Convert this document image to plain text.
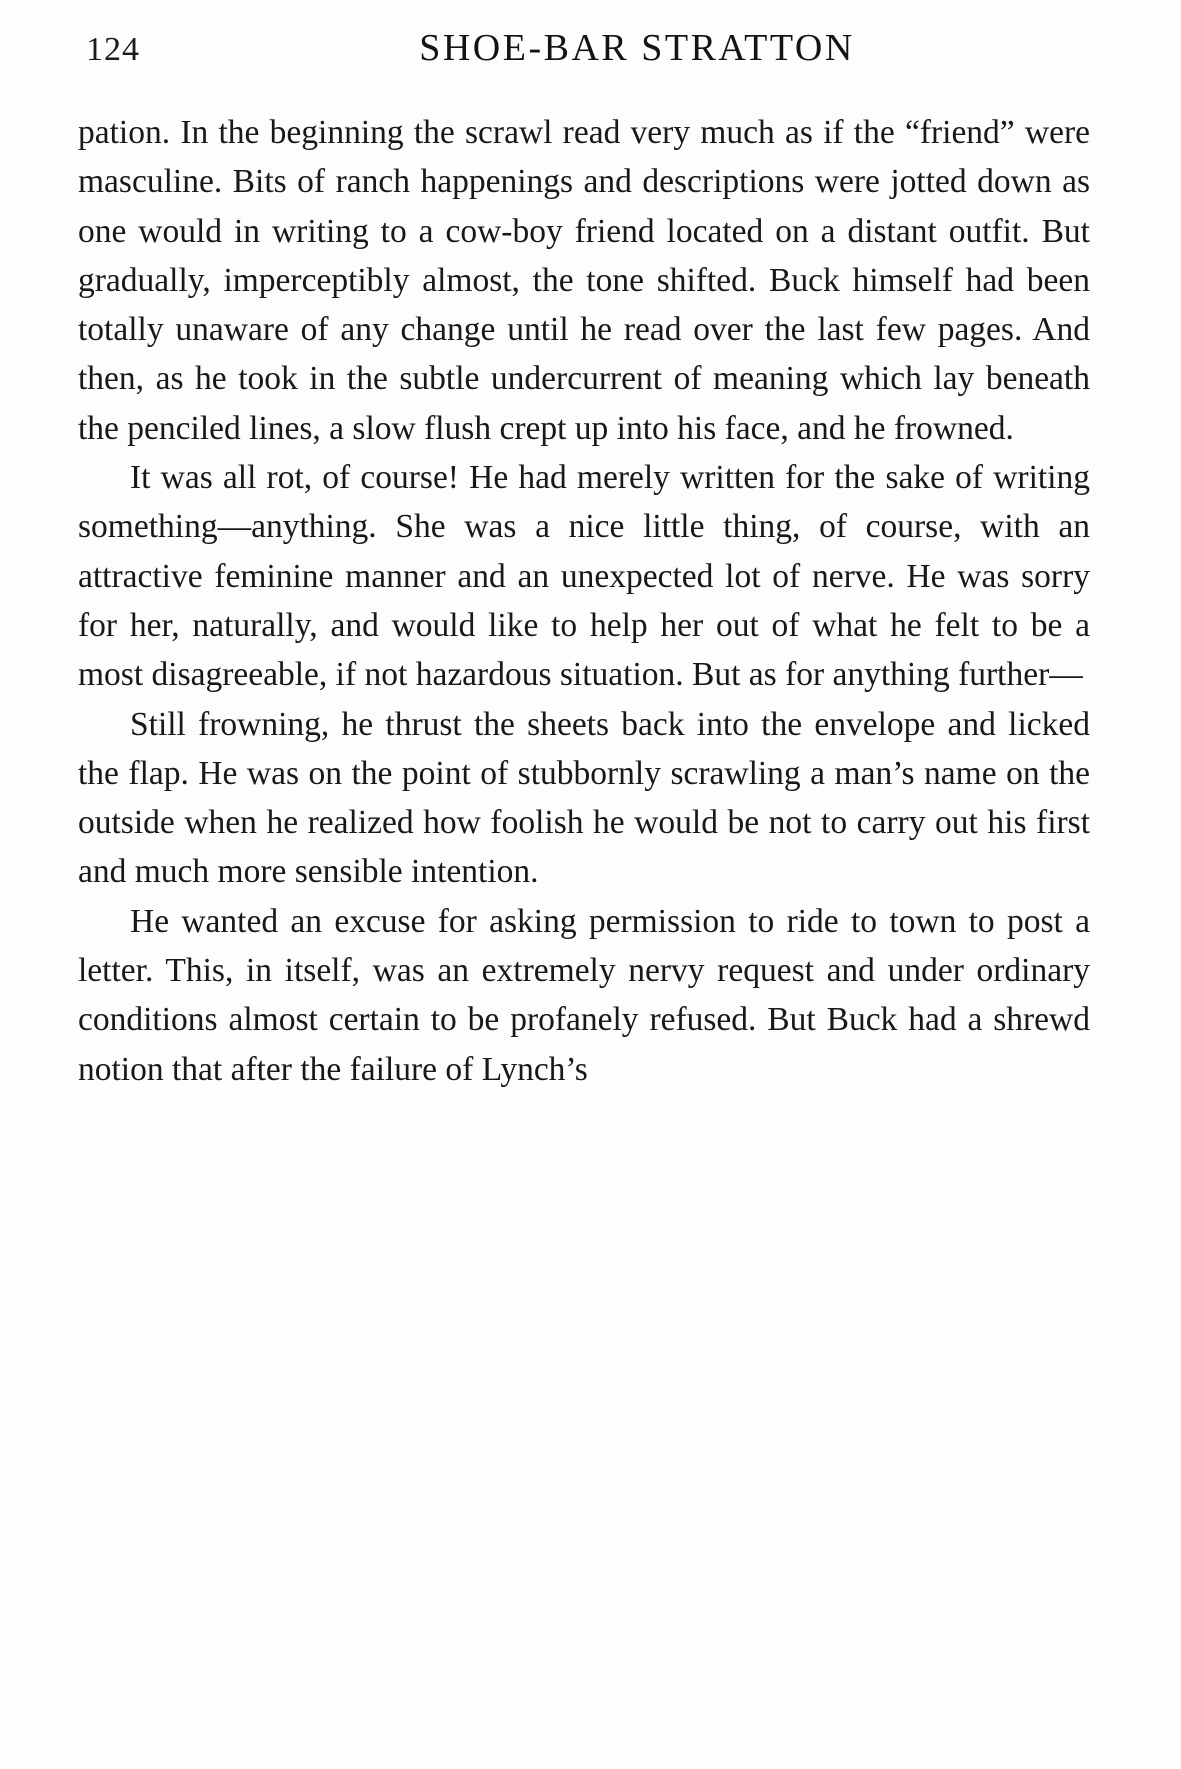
124	SHOE-BAR STRATTON

pation. In the beginning the scrawl read very much as if the “friend” were masculine. Bits of ranch happenings and descriptions were jotted down as one would in writing to a cow-boy friend located on a distant outfit. But gradually, imperceptibly almost, the tone shifted. Buck himself had been totally unaware of any change until he read over the last few pages. And then, as he took in the subtle undercurrent of meaning which lay beneath the penciled lines, a slow flush crept up into his face, and he frowned.

It was all rot, of course! He had merely written for the sake of writing something—anything. She was a nice little thing, of course, with an attractive feminine manner and an unexpected lot of nerve. He was sorry for her, naturally, and would like to help her out of what he felt to be a most disagreeable, if not hazardous situation. But as for anything further—

Still frowning, he thrust the sheets back into the envelope and licked the flap. He was on the point of stubbornly scrawling a man’s name on the outside when he realized how foolish he would be not to carry out his first and much more sensible intention.

He wanted an excuse for asking permission to ride to town to post a letter. This, in itself, was an extremely nervy request and under ordinary conditions almost certain to be profanely refused. But Buck had a shrewd notion that after the failure of Lynch’s
